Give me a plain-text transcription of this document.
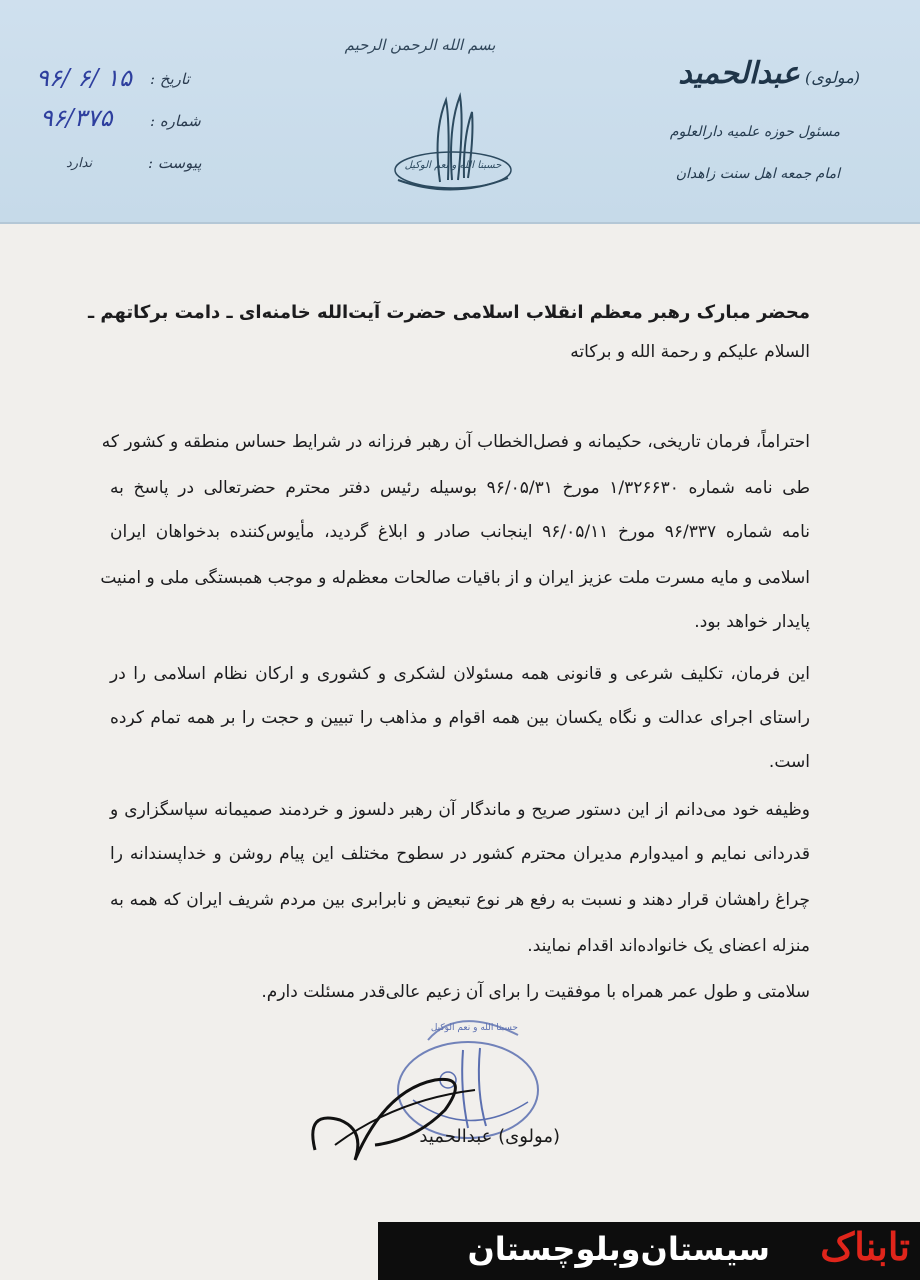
بسم الله الرحمن الرحیم
حسبنا الله و نعم الوکیل
تاریخ :
۹۶/ ۶/ ۱۵
شماره :
۹۶/۳۷۵
پیوست :
ندارد
(مولوی) عبدالحمید
مسئول حوزه علمیه دارالعلوم
امام جمعه اهل سنت زاهدان
محضر مبارک رهبر معظم انقلاب اسلامی حضرت آیت‌الله خامنه‌ای ـ دامت برکاتهم ـ
السلام علیکم و رحمة الله و برکاته
احتراماً، فرمان تاریخی، حکیمانه و فصل‌الخطاب آن رهبر فرزانه در شرایط حساس منطقه و کشور که
طی نامه شماره ۱/۳۲۶۶۳۰ مورخ ۹۶/۰۵/۳۱ بوسیله رئیس دفتر محترم حضرتعالی در پاسخ به
نامه شماره ۹۶/۳۳۷ مورخ ۹۶/۰۵/۱۱ اینجانب صادر و ابلاغ گردید، مأیوس‌کننده بدخواهان ایران
اسلامی و مایه مسرت ملت عزیز ایران و از باقیات صالحات معظم‌له و موجب همبستگی ملی و امنیت
پایدار خواهد بود.
این فرمان، تکلیف شرعی و قانونی همه مسئولان لشکری و کشوری و ارکان نظام اسلامی را در
راستای اجرای عدالت و نگاه یکسان بین همه اقوام و مذاهب را تبیین و حجت را بر همه تمام کرده
است.
وظیفه خود می‌دانم از این دستور صریح و ماندگار آن رهبر دلسوز و خردمند صمیمانه سپاسگزاری و
قدردانی نمایم و امیدوارم مدیران محترم کشور در سطوح مختلف این پیام روشن و خداپسندانه را
چراغ راهشان قرار دهند و نسبت به رفع هر نوع تبعیض و نابرابری بین مردم شریف ایران که همه به
منزله اعضای یک خانواده‌اند اقدام نمایند.
سلامتی و طول عمر همراه با موفقیت را برای آن زعیم عالی‌قدر مسئلت دارم.
حسبنا الله و نعم الوکیل
(مولوی) عبدالحمید
تابناک
سیستان‌وبلوچستان
